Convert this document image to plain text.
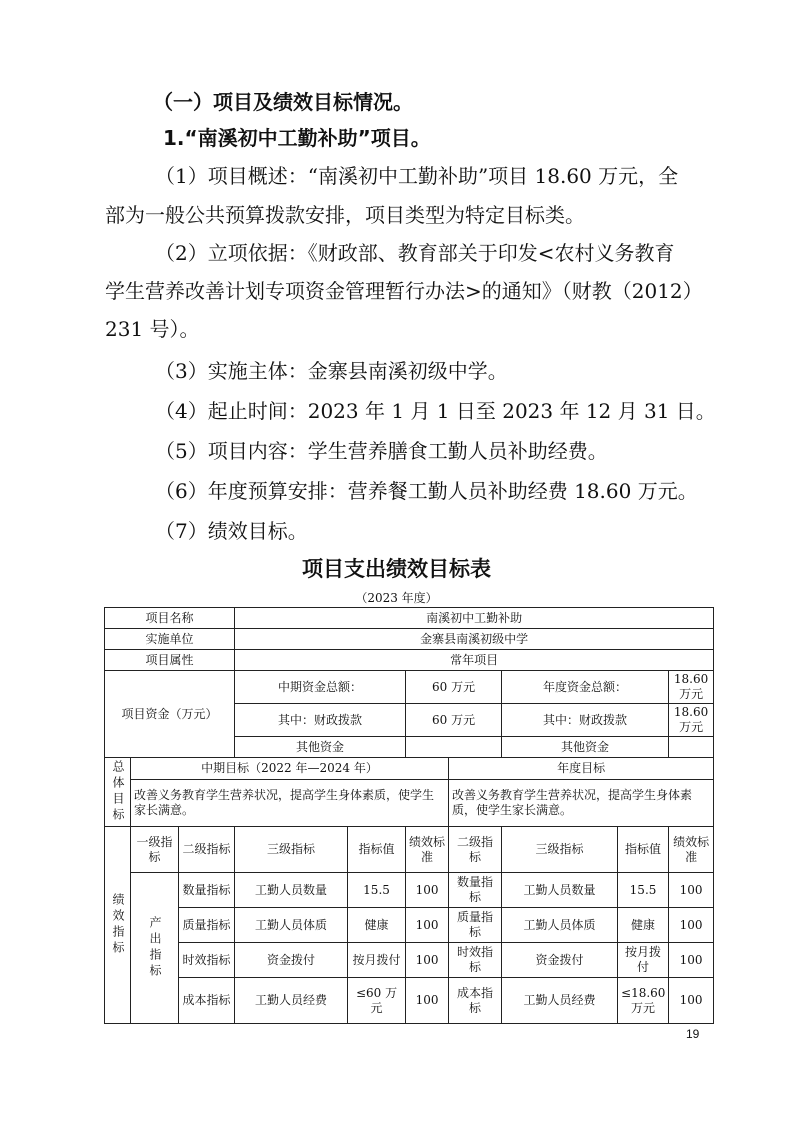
（一）项目及绩效目标情况。
1.“南溪初中工勤补助”项目。
（1）项目概述：“南溪初中工勤补助”项目 18.60 万元，全
部为一般公共预算拨款安排，项目类型为特定目标类。
（2）立项依据：《财政部、教育部关于印发<农村义务教育
学生营养改善计划专项资金管理暂行办法>的通知》（财教（2012）
231 号）。
（3）实施主体：金寨县南溪初级中学。
（4）起止时间：2023 年 1 月 1 日至 2023 年 12 月 31 日。
（5）项目内容：学生营养膳食工勤人员补助经费。
（6）年度预算安排：营养餐工勤人员补助经费 18.60 万元。
（7）绩效目标。
项目支出绩效目标表
（2023 年度）
项目名称			南溪初中工勤补助						
实施单位			金寨县南溪初级中学						
项目属性			常年项目						
项目资金（万元）			中期资金总额：		60 万元		年度资金总额：		18.60 万元
			其中：财政拨款		60 万元		其中：财政拨款		18.60 万元
			其他资金				其他资金		
总体目标	中期目标（2022 年—2024 年）					年度目标			
	改善义务教育学生营养状况，提高学生身体素质，使学生家长满意。					改善义务教育学生营养状况，提高学生身体素质，使学生家长满意。			
绩效指标	一级指标	二级指标	三级指标	指标值	绩效标准	二级指标	三级指标	指标值	绩效标准
	产出指标	数量指标	工勤人员数量	15.5	100	数量指标	工勤人员数量	15.5	100
		质量指标	工勤人员体质	健康	100	质量指标	工勤人员体质	健康	100
		时效指标	资金拨付	按月拨付	100	时效指标	资金拨付	按月拨付	100
		成本指标	工勤人员经费	≤60 万元	100	成本指标	工勤人员经费	≤18.60 万元	100
19
